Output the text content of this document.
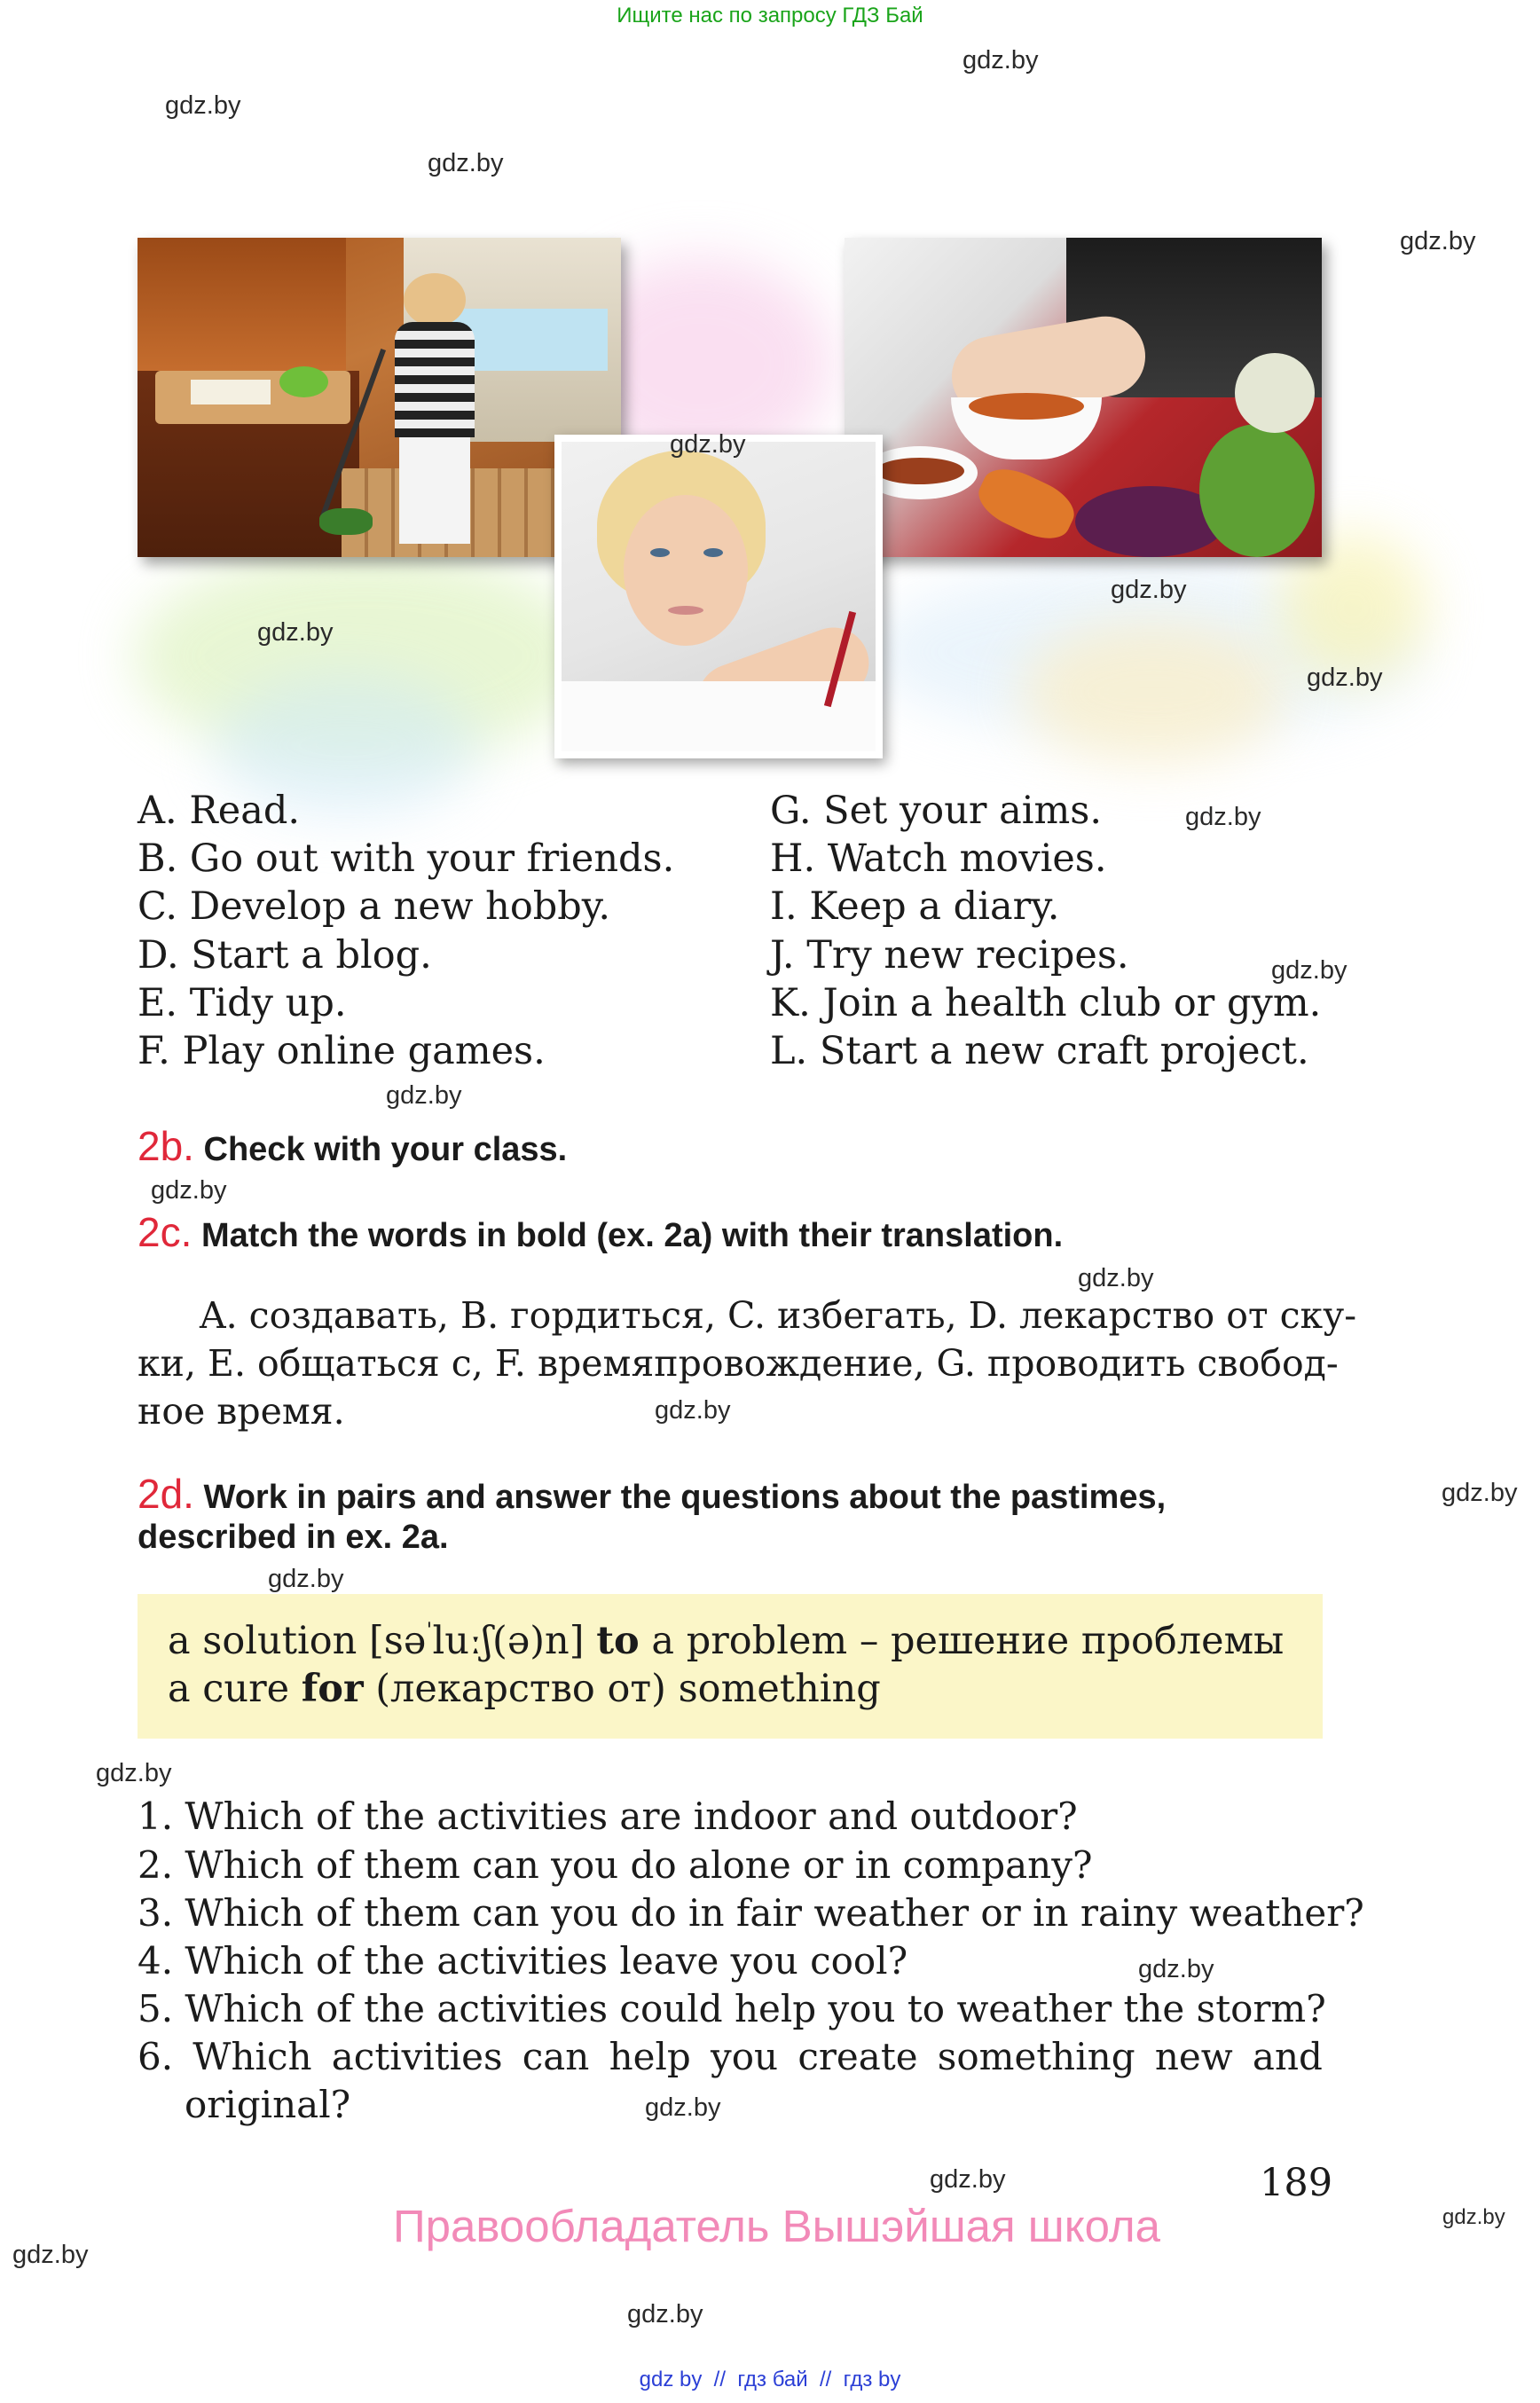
Ищите нас по запросу ГДЗ Бай
gdz.by
gdz.by
gdz.by
gdz.by
gdz.by
gdz.by
gdz.by
gdz.by
gdz.by
gdz.by
gdz.by
gdz.by
gdz.by
gdz.by
gdz.by
gdz.by
gdz.by
gdz.by
gdz.by
gdz.by
gdz.by
gdz.by
gdz.by
A. Read.
B. Go out with your friends.
C. Develop a new hobby.
D. Start a blog.
E. Tidy up.
F. Play online games.
G. Set your aims.
H. Watch movies.
I. Keep a diary.
J. Try new recipes.
K. Join a health club or gym.
L. Start a new craft project.
2b. Check with your class.
2c. Match the words in bold (ex. 2a) with their translation.
A. создавать, B. гордиться, C. избегать, D. лекарство от ску-
ки, E. общаться с, F. времяпровождение, G. проводить свобод-
ное время.
2d. Work in pairs and answer the questions about the pastimes,
described in ex. 2a.
a solution [sə$^ˈ$luːʃ(ə)n] to a problem – решение проблемы
a cure for (лекарство от) something
1. Which of the activities are indoor and outdoor?
2. Which of them can you do alone or in company?
3. Which of them can you do in fair weather or in rainy weather?
4. Which of the activities leave you cool?
5. Which of the activities could help you to weather the storm?
6. Which activities can help you create something new and
original?
189
Правообладатель Вышэйшая школа
gdz by  //  гдз бай  //  гдз by
